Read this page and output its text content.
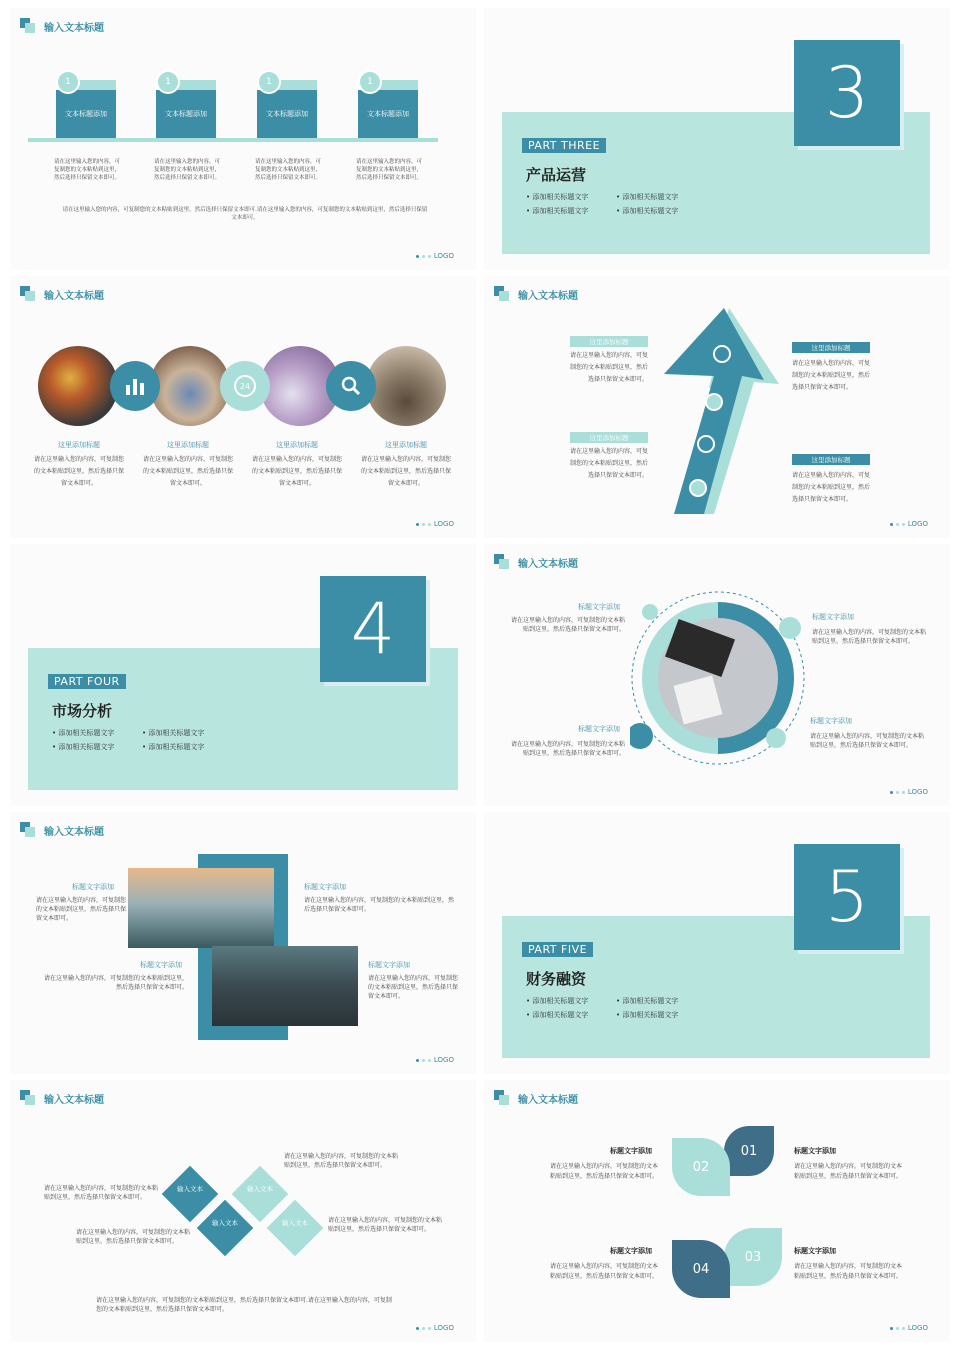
输入文本标题
文本标题添加
1
文本标题添加
1
文本标题添加
1
文本标题添加
1
请在这里输入您的内容，可复制您的文本粘贴到这里，然后选择只保留文本即可。
请在这里输入您的内容，可复制您的文本粘贴到这里，然后选择只保留文本即可。
请在这里输入您的内容，可复制您的文本粘贴到这里，然后选择只保留文本即可。
请在这里输入您的内容，可复制您的文本粘贴到这里，然后选择只保留文本即可。
请在这里输入您的内容，可复制您的文本粘贴到这里，然后选择只保留文本即可.请在这里输入您的内容，可复制您的文本粘贴到这里，然后选择只保留文本即可。
LOGO
3
PART THREE
产品运营
• 添加相关标题文字	• 添加相关标题文字
• 添加相关标题文字	• 添加相关标题文字
输入文本标题
24
这里添加标题	这里添加标题	这里添加标题	这里添加标题
请在这里输入您的内容，可复制您的文本粘贴到这里，然后选择只保留文本即可。
请在这里输入您的内容，可复制您的文本粘贴到这里，然后选择只保留文本即可。
请在这里输入您的内容，可复制您的文本粘贴到这里，然后选择只保留文本即可。
请在这里输入您的内容，可复制您的文本粘贴到这里，然后选择只保留文本即可。
LOGO
输入文本标题
这里添加标题
请在这里输入您的内容，可复制您的文本粘贴到这里，然后选择只保留文本即可。
这里添加标题
请在这里输入您的内容，可复制您的文本粘贴到这里，然后选择只保留文本即可。
这里添加标题
请在这里输入您的内容，可复制您的文本粘贴到这里，然后选择只保留文本即可。
这里添加标题
请在这里输入您的内容，可复制您的文本粘贴到这里，然后选择只保留文本即可。
LOGO
4
PART FOUR
市场分析
• 添加相关标题文字	• 添加相关标题文字
• 添加相关标题文字	• 添加相关标题文字
输入文本标题
标题文字添加
请在这里输入您的内容，可复制您的文本粘贴到这里，然后选择只保留文本即可。
标题文字添加
请在这里输入您的内容，可复制您的文本粘贴到这里，然后选择只保留文本即可。
标题文字添加
请在这里输入您的内容，可复制您的文本粘贴到这里，然后选择只保留文本即可。
标题文字添加
请在这里输入您的内容，可复制您的文本粘贴到这里，然后选择只保留文本即可。
LOGO
输入文本标题
标题文字添加
请在这里输入您的内容，可复制您的文本粘贴到这里，然后选择只保留文本即可。
标题文字添加
请在这里输入您的内容，可复制您的文本粘贴到这里，然后选择只保留文本即可。
标题文字添加
请在这里输入您的内容，可复制您的文本粘贴到这里，然后选择只保留文本即可。
标题文字添加
请在这里输入您的内容，可复制您的文本粘贴到这里，然后选择只保留文本即可。
LOGO
5
PART FIVE
财务融资
• 添加相关标题文字	• 添加相关标题文字
• 添加相关标题文字	• 添加相关标题文字
输入文本标题
输入文本	输入文本
输入文本	输入文本
请在这里输入您的内容，可复制您的文本粘贴到这里，然后选择只保留文本即可。
请在这里输入您的内容，可复制您的文本粘贴到这里，然后选择只保留文本即可。
请在这里输入您的内容，可复制您的文本粘贴到这里，然后选择只保留文本即可。
请在这里输入您的内容，可复制您的文本粘贴到这里，然后选择只保留文本即可。
请在这里输入您的内容，可复制您的文本粘贴到这里，然后选择只保留文本即可.请在这里输入您的内容，可复制您的文本粘贴到这里，然后选择只保留文本即可。
LOGO
输入文本标题
01
02
03
04
标题文字添加
请在这里输入您的内容，可复制您的文本粘贴到这里，然后选择只保留文本即可。
标题文字添加
请在这里输入您的内容，可复制您的文本粘贴到这里，然后选择只保留文本即可。
标题文字添加
请在这里输入您的内容，可复制您的文本粘贴到这里，然后选择只保留文本即可。
标题文字添加
请在这里输入您的内容，可复制您的文本粘贴到这里，然后选择只保留文本即可。
LOGO
